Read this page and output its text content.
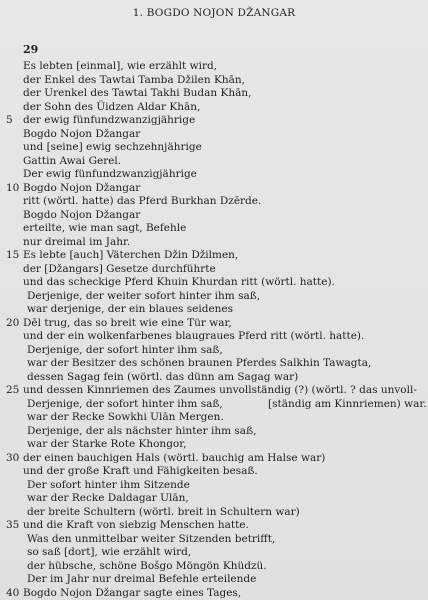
1. BOGDO NOJON DŽANGAR
29
Es lebten [einmal], wie erzählt wird,
der Enkel des Tawtai Tamba Džilen Khān,
der Urenkel des Tawtai Takhi Budan Khān,
der Sohn des Üidzen Aldar Khān,
5 der ewig fünfundzwanzigjährige
Bogdo Nojon Džangar
und [seine] ewig sechzehnjährige
Gattin Awai Gerel.
Der ewig fünfundzwanzigjährige
10 Bogdo Nojon Džangar
ritt (wörtl. hatte) das Pferd Burkhan Dzērde.
Bogdo Nojon Džangar
erteilte, wie man sagt, Befehle
nur dreimal im Jahr.
15 Es lebte [auch] Väterchen Džin Džilmen,
der [Džangars] Gesetze durchführte
und das scheckige Pferd Khuin Khurdan ritt (wörtl. hatte).
Derjenige, der weiter sofort hinter ihm saß,
war derjenige, der ein blaues seidenes
20 Dēl trug, das so breit wie eine Tür war,
und der ein wolkenfarbenes blaugraues Pferd ritt (wörtl. hatte).
Derjenige, der sofort hinter ihm saß,
war der Besitzer des schönen braunen Pferdes Salkhin Tawagta,
dessen Sagag fein (wörtl. das dünn am Sagag war)
25 und dessen Kinnriemen des Zaumes unvollständig (?) (wörtl. ? das unvoll-
Derjenige, der sofort hinter ihm saß,	[ständig am Kinnriemen) war.
war der Recke Sowkhi Ulān Mergen.
Derjenige, der als nächster hinter ihm saß,
war der Starke Rote Khongor,
30 der einen bauchigen Hals (wörtl. bauchig am Halse war)
und der große Kraft und Fähigkeiten besaß.
Der sofort hinter ihm Sitzende
war der Recke Daldagar Ulān,
der breite Schultern (wörtl. breit in Schultern war)
35 und die Kraft von siebzig Menschen hatte.
Was den unmittelbar weiter Sitzenden betrifft,
so saß [dort], wie erzählt wird,
der hübsche, schöne Bošgo Möngön Khüdzü.
Der im Jahr nur dreimal Befehle erteilende
40 Bogdo Nojon Džangar sagte eines Tages,
